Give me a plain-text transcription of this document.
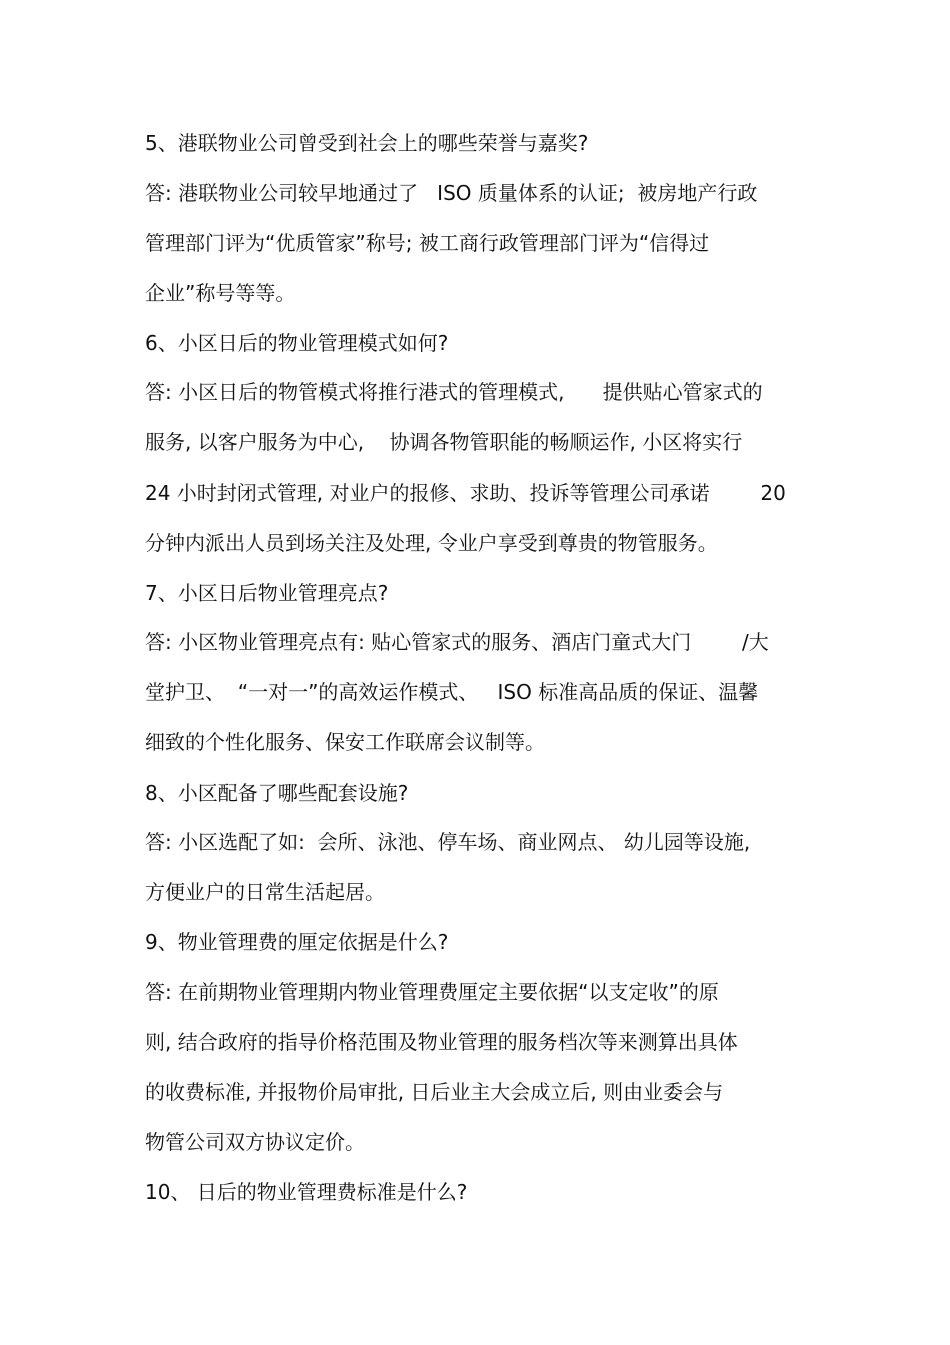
5、港联物业公司曾受到社会上的哪些荣誉与嘉奖?
答: 港联物业公司较早地通过了   ISO 质量体系的认证;  被房地产行政
管理部门评为“优质管家”称号; 被工商行政管理部门评为“信得过
企业”称号等等。
6、小区日后的物业管理模式如何?
答: 小区日后的物管模式将推行港式的管理模式,      提供贴心管家式的
服务, 以客户服务为中心,    协调各物管职能的畅顺运作, 小区将实行
24 小时封闭式管理, 对业户的报修、求助、投诉等管理公司承诺        20
分钟内派出人员到场关注及处理, 令业户享受到尊贵的物管服务。
7、小区日后物业管理亮点?
答: 小区物业管理亮点有: 贴心管家式的服务、酒店门童式大门        /大
堂护卫、  “一对一”的高效运作模式、   ISO 标准高品质的保证、温馨
细致的个性化服务、保安工作联席会议制等。
8、小区配备了哪些配套设施?
答: 小区选配了如:  会所、泳池、停车场、商业网点、 幼儿园等设施,
方便业户的日常生活起居。
9、物业管理费的厘定依据是什么?
答: 在前期物业管理期内物业管理费厘定主要依据“以支定收”的原
则, 结合政府的指导价格范围及物业管理的服务档次等来测算出具体
的收费标准, 并报物价局审批, 日后业主大会成立后, 则由业委会与
物管公司双方协议定价。
10、 日后的物业管理费标准是什么?
